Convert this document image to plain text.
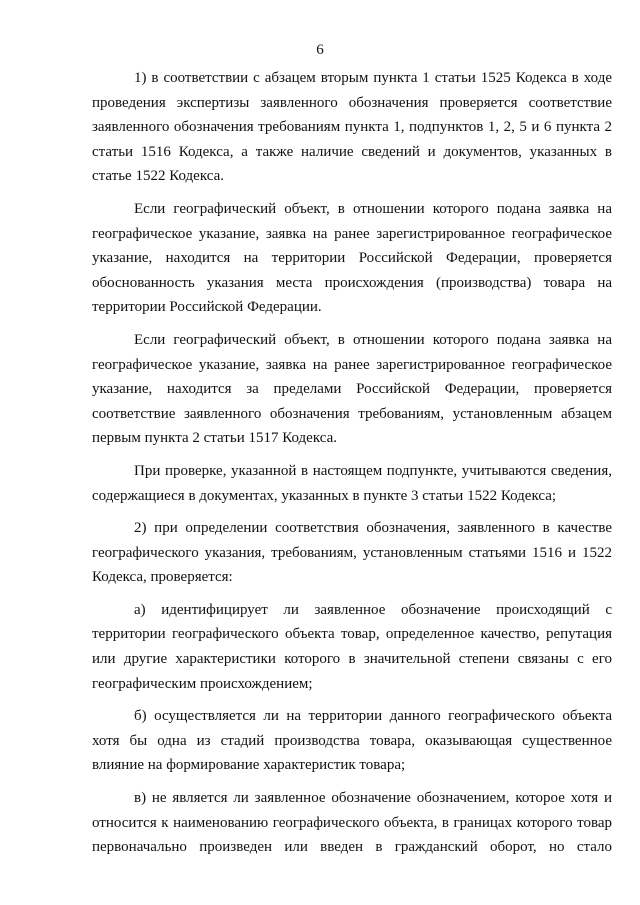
6

1) в соответствии с абзацем вторым пункта 1 статьи 1525 Кодекса в ходе проведения экспертизы заявленного обозначения проверяется соответствие заявленного обозначения требованиям пункта 1, подпунктов 1, 2, 5 и 6 пункта 2 статьи 1516 Кодекса, а также наличие сведений и документов, указанных в статье 1522 Кодекса.

Если географический объект, в отношении которого подана заявка на географическое указание, заявка на ранее зарегистрированное географическое указание, находится на территории Российской Федерации, проверяется обоснованность указания места происхождения (производства) товара на территории Российской Федерации.

Если географический объект, в отношении которого подана заявка на географическое указание, заявка на ранее зарегистрированное географическое указание, находится за пределами Российской Федерации, проверяется соответствие заявленного обозначения требованиям, установленным абзацем первым пункта 2 статьи 1517 Кодекса.

При проверке, указанной в настоящем подпункте, учитываются сведения, содержащиеся в документах, указанных в пункте 3 статьи 1522 Кодекса;

2) при определении соответствия обозначения, заявленного в качестве географического указания, требованиям, установленным статьями 1516 и 1522 Кодекса, проверяется:

а) идентифицирует ли заявленное обозначение происходящий с территории географического объекта товар, определенное качество, репутация или другие характеристики которого в значительной степени связаны с его географическим происхождением;

б) осуществляется ли на территории данного географического объекта хотя бы одна из стадий производства товара, оказывающая существенное влияние на формирование характеристик товара;

в) не является ли заявленное обозначение обозначением, которое хотя и относится к наименованию географического объекта, в границах которого товар первоначально произведен или введен в гражданский оборот, но стало
